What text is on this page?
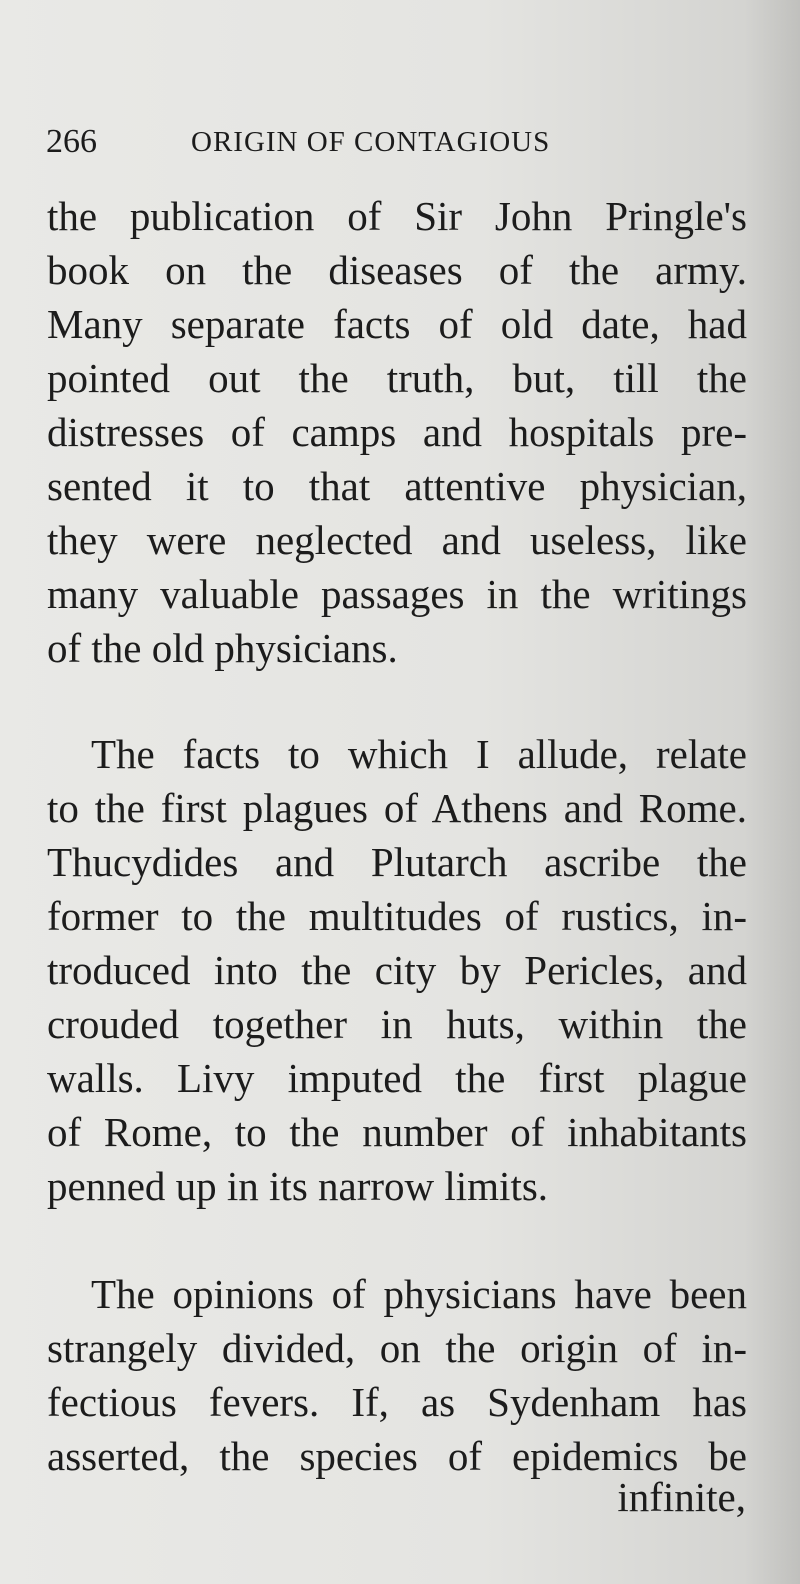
266	ORIGIN OF CONTAGIOUS
the publication of Sir John Pringle's
book on the diseases of the army.
Many separate facts of old date, had
pointed out the truth, but, till the
distresses of camps and hospitals pre-
sented it to that attentive physician,
they were neglected and useless, like
many valuable passages in the writings
of the old physicians.
The facts to which I allude, relate
to the first plagues of Athens and Rome.
Thucydides and Plutarch ascribe the
former to the multitudes of rustics, in-
troduced into the city by Pericles, and
crouded together in huts, within the
walls. Livy imputed the first plague
of Rome, to the number of inhabitants
penned up in its narrow limits.
The opinions of physicians have been
strangely divided, on the origin of in-
fectious fevers. If, as Sydenham has
asserted, the species of epidemics be
infinite,
